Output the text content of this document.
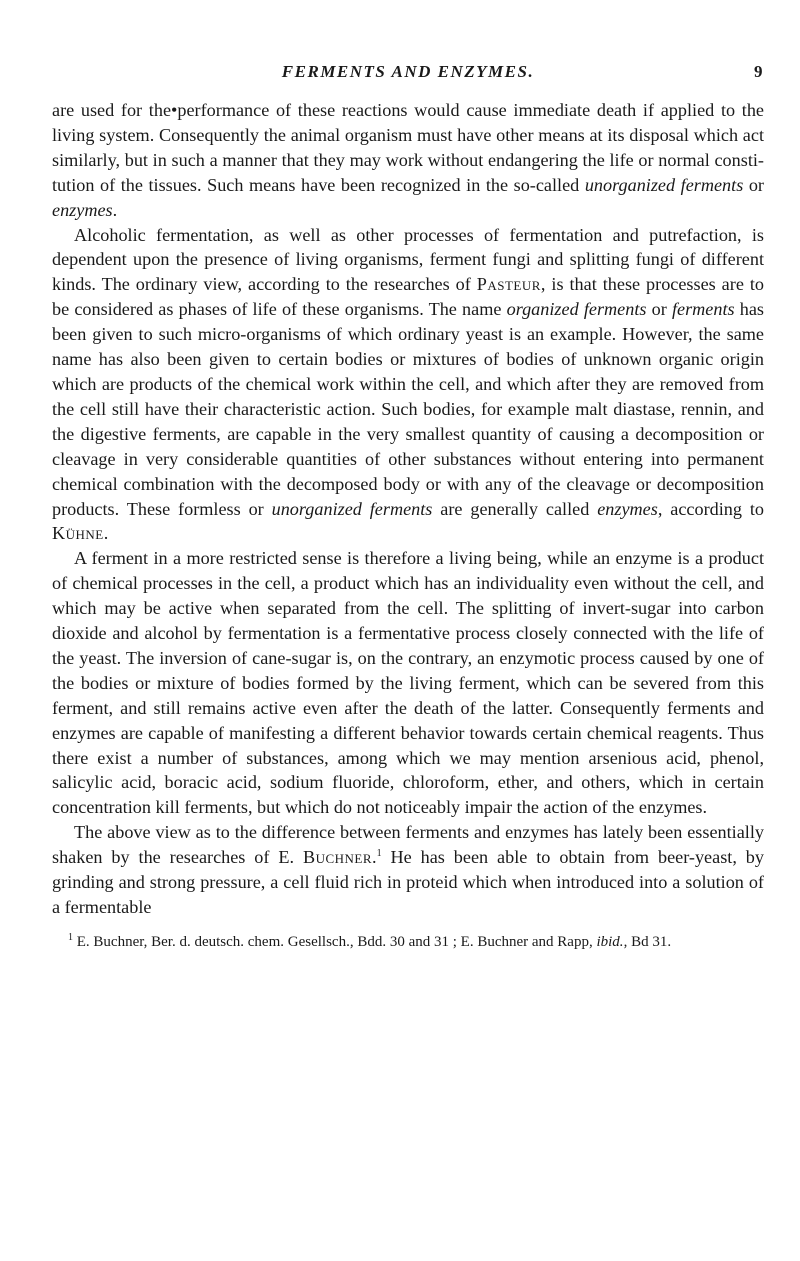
FERMENTS AND ENZYMES.	9

are used for the•performance of these reactions would cause immediate death if applied to the living system. Consequently the animal organism must have other means at its disposal which act similarly, but in such a manner that they may work without endangering the life or normal consti-tution of the tissues. Such means have been recognized in the so-called unorganized ferments or enzymes.

Alcoholic fermentation, as well as other processes of fermentation and putrefaction, is dependent upon the presence of living organisms, ferment fungi and splitting fungi of different kinds. The ordinary view, according to the researches of Pasteur, is that these processes are to be considered as phases of life of these organisms. The name organized ferments or ferments has been given to such micro-organisms of which ordinary yeast is an example. However, the same name has also been given to certain bodies or mixtures of bodies of unknown organic origin which are products of the chemical work within the cell, and which after they are removed from the cell still have their characteristic action. Such bodies, for example malt diastase, rennin, and the digestive ferments, are capable in the very smallest quantity of causing a decomposition or cleavage in very considerable quantities of other substances without entering into permanent chemical combination with the decomposed body or with any of the cleavage or decomposition products. These formless or unorganized ferments are generally called enzymes, according to Kühne.

A ferment in a more restricted sense is therefore a living being, while an enzyme is a product of chemical processes in the cell, a product which has an individuality even without the cell, and which may be active when separated from the cell. The splitting of invert-sugar into carbon dioxide and alcohol by fermentation is a fermentative process closely connected with the life of the yeast. The inversion of cane-sugar is, on the contrary, an enzymotic process caused by one of the bodies or mixture of bodies formed by the living ferment, which can be severed from this ferment, and still remains active even after the death of the latter. Consequently ferments and enzymes are capable of manifesting a different behavior towards certain chemical reagents. Thus there exist a number of substances, among which we may mention arsenious acid, phenol, salicylic acid, boracic acid, sodium fluoride, chloroform, ether, and others, which in certain concentration kill ferments, but which do not noticeably impair the action of the enzymes.

The above view as to the difference between ferments and enzymes has lately been essentially shaken by the researches of E. Buchner.$^1$ He has been able to obtain from beer-yeast, by grinding and strong pressure, a cell fluid rich in proteid which when introduced into a solution of a fermentable

$^1$ E. Buchner, Ber. d. deutsch. chem. Gesellsch., Bdd. 30 and 31 ; E. Buchner and Rapp, ibid., Bd 31.
